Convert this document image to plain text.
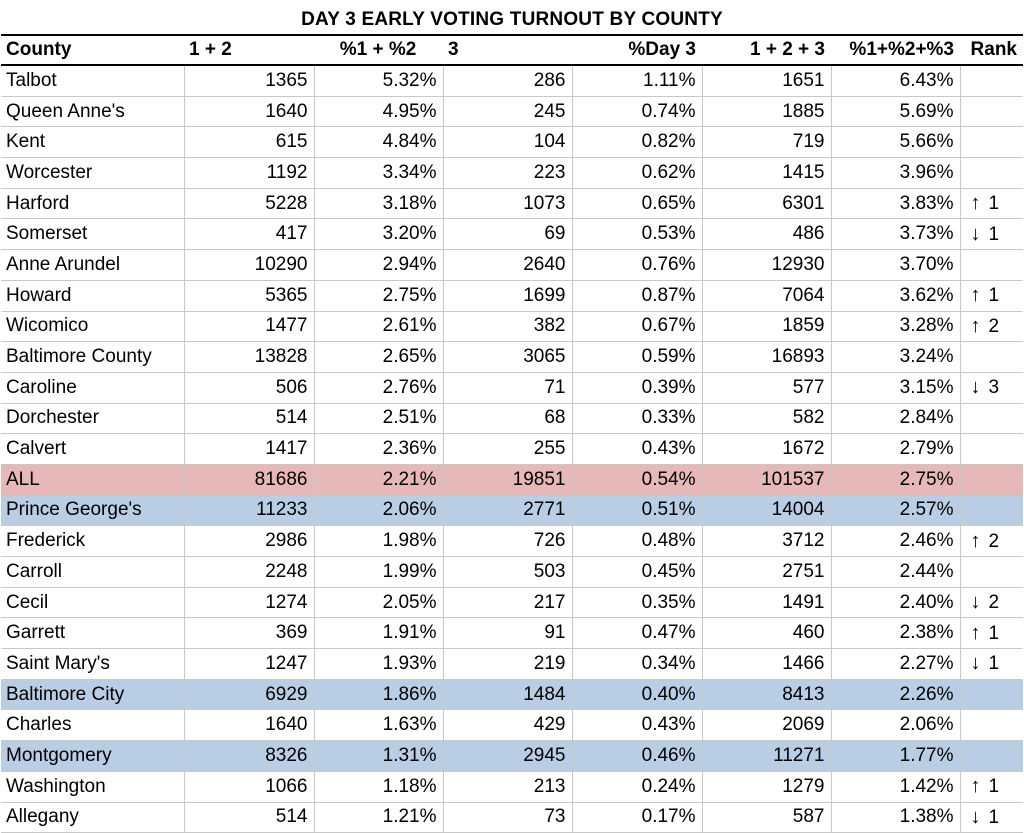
DAY 3 EARLY VOTING TURNOUT BY COUNTY
County	1 + 2	%1 + %2	3	%Day 3	1 + 2 + 3	%1+%2+%3	Rank
Talbot	1365	5.32%	286	1.11%	1651	6.43%	
Queen Anne's	1640	4.95%	245	0.74%	1885	5.69%	
Kent	615	4.84%	104	0.82%	719	5.66%	
Worcester	1192	3.34%	223	0.62%	1415	3.96%	
Harford	5228	3.18%	1073	0.65%	6301	3.83%	↑ 1
Somerset	417	3.20%	69	0.53%	486	3.73%	↓ 1
Anne Arundel	10290	2.94%	2640	0.76%	12930	3.70%	
Howard	5365	2.75%	1699	0.87%	7064	3.62%	↑ 1
Wicomico	1477	2.61%	382	0.67%	1859	3.28%	↑ 2
Baltimore County	13828	2.65%	3065	0.59%	16893	3.24%	
Caroline	506	2.76%	71	0.39%	577	3.15%	↓ 3
Dorchester	514	2.51%	68	0.33%	582	2.84%	
Calvert	1417	2.36%	255	0.43%	1672	2.79%	
ALL	81686	2.21%	19851	0.54%	101537	2.75%	
Prince George's	11233	2.06%	2771	0.51%	14004	2.57%	
Frederick	2986	1.98%	726	0.48%	3712	2.46%	↑ 2
Carroll	2248	1.99%	503	0.45%	2751	2.44%	
Cecil	1274	2.05%	217	0.35%	1491	2.40%	↓ 2
Garrett	369	1.91%	91	0.47%	460	2.38%	↑ 1
Saint Mary's	1247	1.93%	219	0.34%	1466	2.27%	↓ 1
Baltimore City	6929	1.86%	1484	0.40%	8413	2.26%	
Charles	1640	1.63%	429	0.43%	2069	2.06%	
Montgomery	8326	1.31%	2945	0.46%	11271	1.77%	
Washington	1066	1.18%	213	0.24%	1279	1.42%	↑ 1
Allegany	514	1.21%	73	0.17%	587	1.38%	↓ 1
